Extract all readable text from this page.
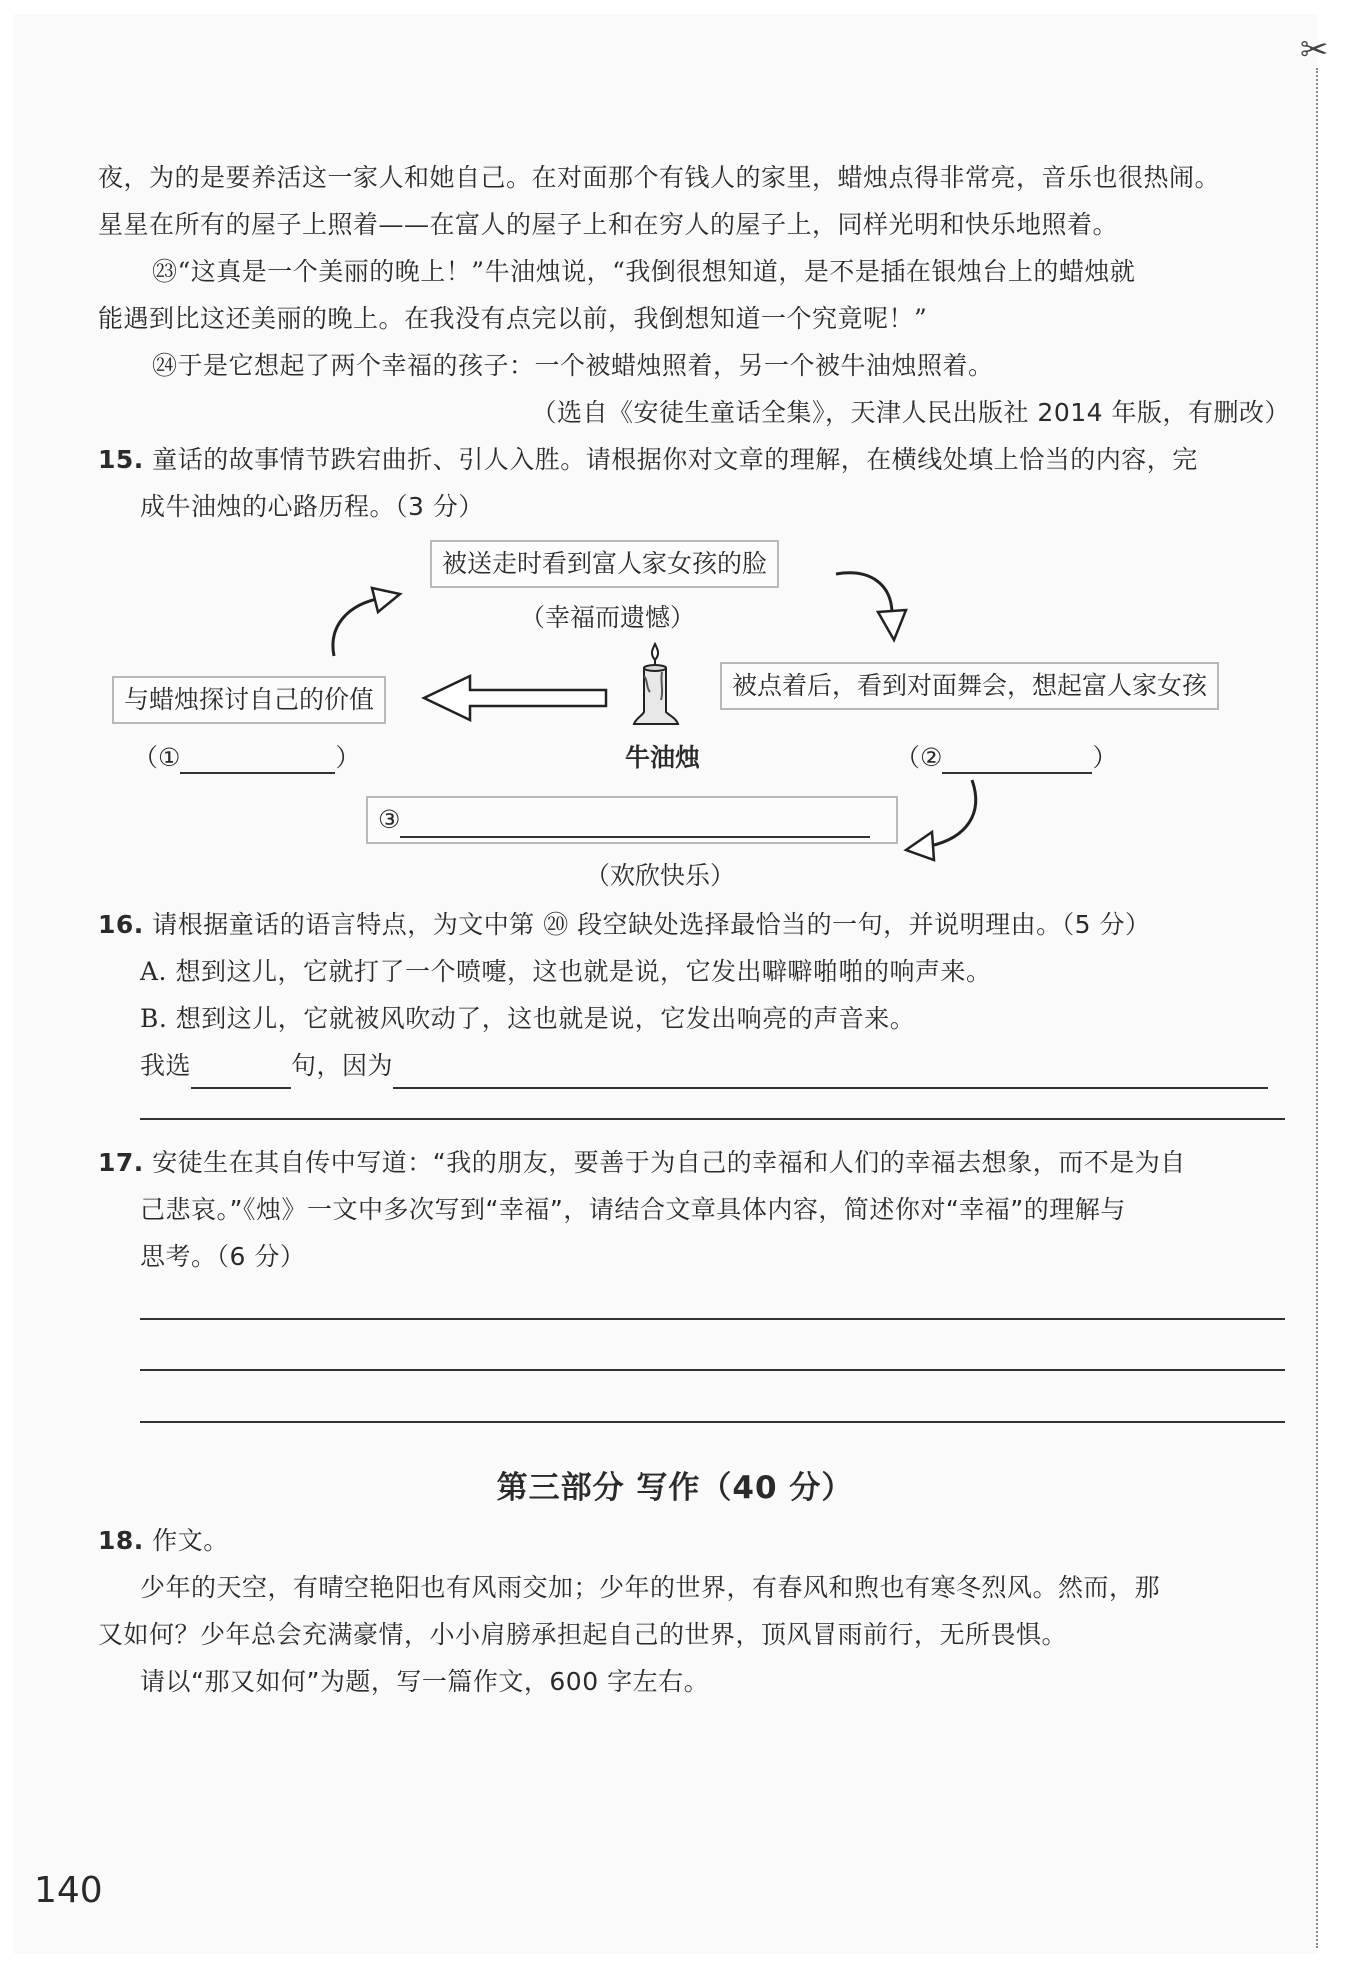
✂
夜，为的是要养活这一家人和她自己。在对面那个有钱人的家里，蜡烛点得非常亮，音乐也很热闹。
星星在所有的屋子上照着——在富人的屋子上和在穷人的屋子上，同样光明和快乐地照着。
㉓“这真是一个美丽的晚上！”牛油烛说，“我倒很想知道，是不是插在银烛台上的蜡烛就
能遇到比这还美丽的晚上。在我没有点完以前，我倒想知道一个究竟呢！”
㉔于是它想起了两个幸福的孩子：一个被蜡烛照着，另一个被牛油烛照着。
（选自《安徒生童话全集》，天津人民出版社 2014 年版，有删改）
15. 童话的故事情节跌宕曲折、引人入胜。请根据你对文章的理解，在横线处填上恰当的内容，完
成牛油烛的心路历程。（3 分）
被送走时看到富人家女孩的脸
（幸福而遗憾）
被点着后，看到对面舞会，想起富人家女孩
（②	）
与蜡烛探讨自己的价值
（①	）	牛油烛
③
（欢欣快乐）
16. 请根据童话的语言特点，为文中第 ⑳ 段空缺处选择最恰当的一句，并说明理由。（5 分）
A. 想到这儿，它就打了一个喷嚏，这也就是说，它发出噼噼啪啪的响声来。
B. 想到这儿，它就被风吹动了，这也就是说，它发出响亮的声音来。
我选	句，因为
17. 安徒生在其自传中写道：“我的朋友，要善于为自己的幸福和人们的幸福去想象，而不是为自
己悲哀。”《烛》一文中多次写到“幸福”，请结合文章具体内容，简述你对“幸福”的理解与
思考。（6 分）
第三部分 写作（40 分）
18. 作文。
少年的天空，有晴空艳阳也有风雨交加；少年的世界，有春风和煦也有寒冬烈风。然而，那
又如何？少年总会充满豪情，小小肩膀承担起自己的世界，顶风冒雨前行，无所畏惧。
请以“那又如何”为题，写一篇作文，600 字左右。
140
